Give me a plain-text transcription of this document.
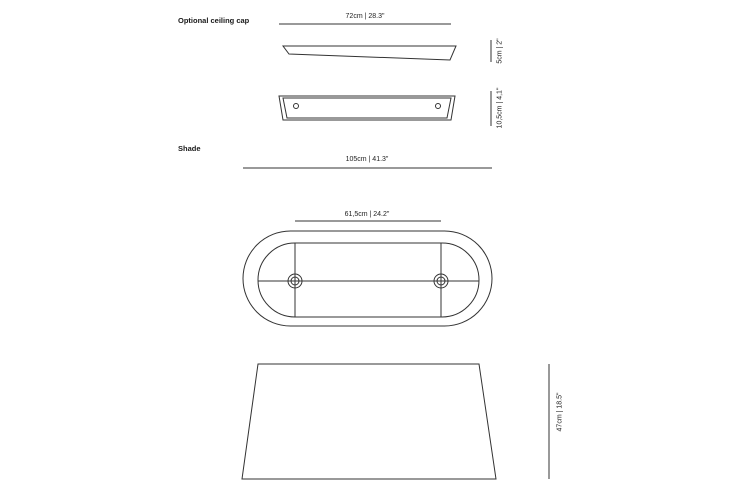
Optional ceiling cap
Shade
72cm | 28.3"
105cm | 41.3"
61,5cm | 24.2"
5cm | 2"
10,5cm | 4,1"
47cm | 18.5"
